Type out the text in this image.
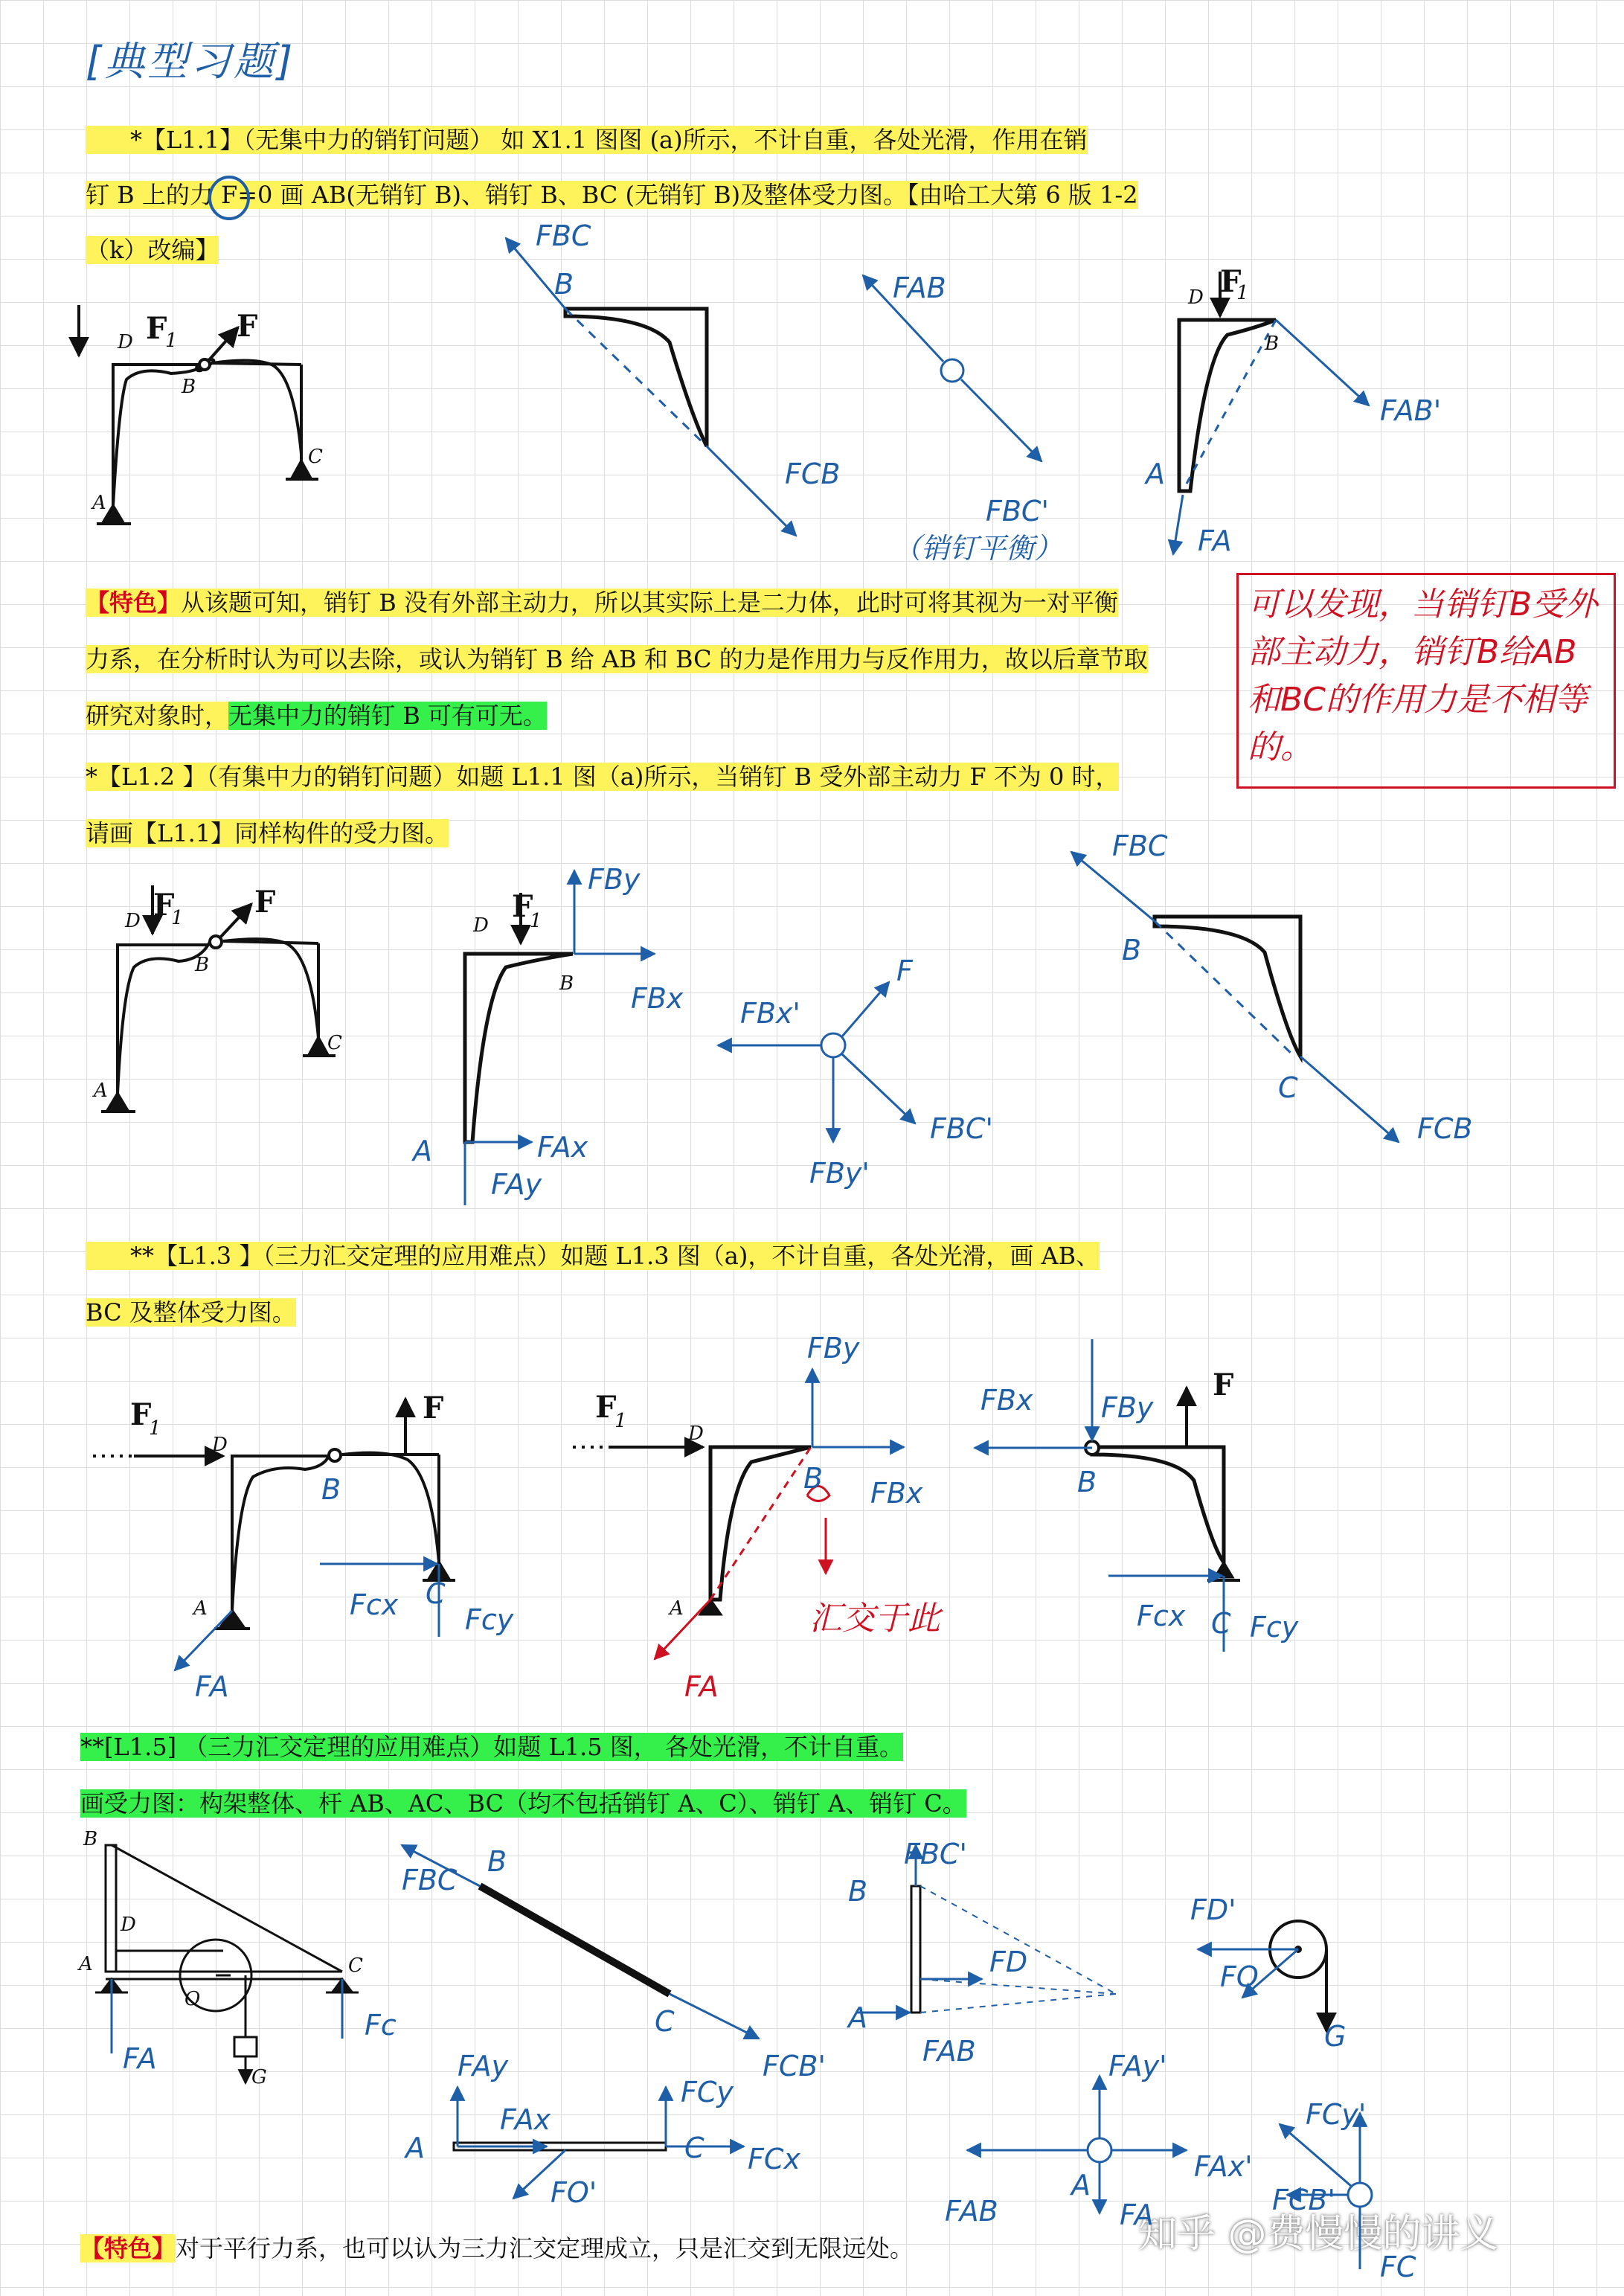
[典型习题]
*【L1.1】（无集中力的销钉问题） 如 X1.1 图图 (a)所示，不计自重，各处光滑，作用在销
钉 B 上的力 F=0 画 AB(无销钉 B)、销钉 B、BC (无销钉 B)及整体受力图。【由哈工大第 6 版 1-2
（k）改编】
【特色】从该题可知，销钉 B 没有外部主动力，所以其实际上是二力体，此时可将其视为一对平衡
力系，在分析时认为可以去除，或认为销钉 B 给 AB 和 BC 的力是作用力与反作用力，故以后章节取
研究对象时，无集中力的销钉 B 可有可无。
可以发现，当销钉B受外部主动力，销钉B给AB和BC的作用力是不相等的。
*【L1.2 】（有集中力的销钉问题）如题 L1.1 图（a)所示，当销钉 B 受外部主动力 F 不为 0 时，
请画【L1.1】同样构件的受力图。
**【L1.3 】（三力汇交定理的应用难点）如题 L1.3 图（a)，不计自重，各处光滑，画 AB、
BC 及整体受力图。
**[L1.5] （三力汇交定理的应用难点）如题 L1.5 图， 各处光滑，不计自重。
画受力图：构架整体、杆 AB、AC、BC（均不包括销钉 A、C）、销钉 A、销钉 C。
【特色】对于平行力系，也可以认为三力汇交定理成立，只是汇交到无限远处。	知乎 @费慢慢的讲义
F
1 F
D
B
C
A
FBC
B
FCB
FAB
FBC'
（销钉平衡）
F
1
D
B
A
FAB'
FA
F
1 F
D
B
C
A
F
1
D
B
FBy
FBx
A	FAx
FAy
FBx'
F
FBC'
FBy'
FBC
B
C
FCB
F
1
D
F
B
A	C
Fcx Fcy
FA
F
1
D
B
FBy
FBx
A
FA
汇交于此
F
FBx FBy
B
Fcx C Fcy
B
D
A	C
O
G
FA
Fc
FBC
B
C
FCB'
FBC'
B
A
FD
FAB
FD'
FO
G
FAy
FAx
A
FCy
C FCx
FO'
FAy'
FAx'
A
FAB	FA
FCy'
FCB'
FC
